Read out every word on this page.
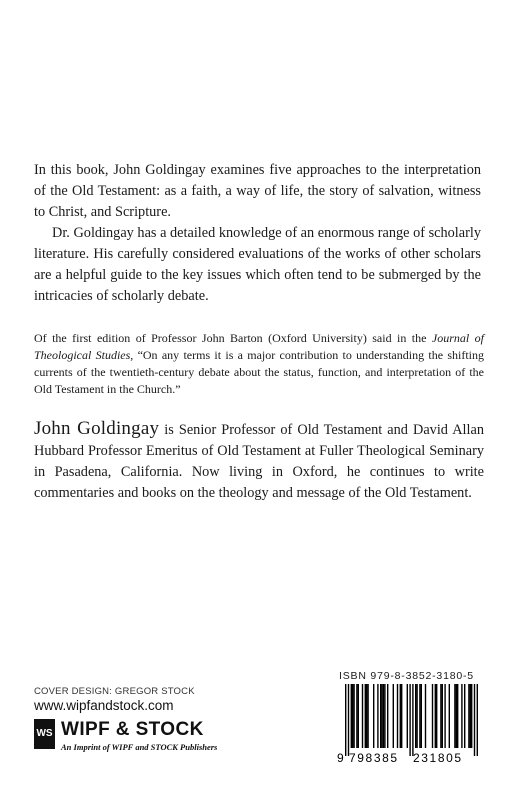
In this book, John Goldingay examines five approaches to the interpretation of the Old Testament: as a faith, a way of life, the story of salvation, witness to Christ, and Scripture.

Dr. Goldingay has a detailed knowledge of an enormous range of scholarly literature. His carefully considered evaluations of the works of other scholars are a helpful guide to the key issues which often tend to be submerged by the intricacies of scholarly debate.

Of the first edition of Professor John Barton (Oxford University) said in the Journal of Theological Studies, “On any terms it is a major contribution to understanding the shifting currents of the twentieth-century debate about the status, function, and interpretation of the Old Testament in the Church.”

John Goldingay is Senior Professor of Old Testament and David Allan Hubbard Professor Emeritus of Old Testament at Fuller Theological Seminary in Pasadena, California. Now living in Oxford, he continues to write commentaries and books on the theology and message of the Old Testament.

COVER DESIGN: GREGOR STOCK
www.wipfandstock.com
WS WIPF & STOCK
An Imprint of WIPF and STOCK Publishers
ISBN 979-8-3852-3180-5
9 798385 231805
